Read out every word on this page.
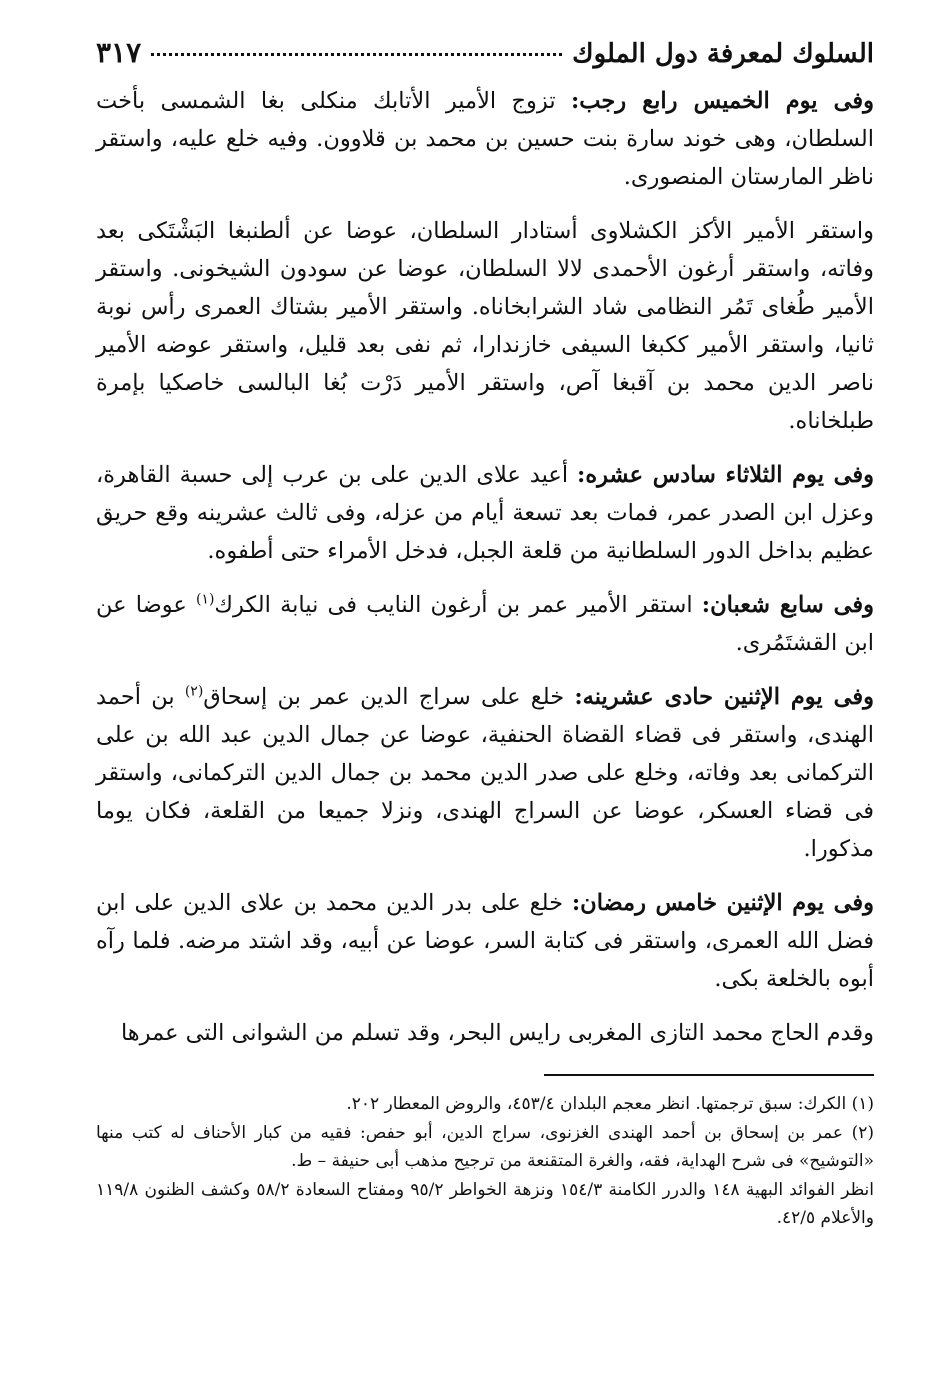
السلوك لمعرفة دول الملوك
٣١٧

وفى يوم الخميس رابع رجب: تزوج الأمير الأتابك منكلى بغا الشمسى بأخت السلطان، وهى خوند سارة بنت حسين بن محمد بن قلاوون. وفيه خلع عليه، واستقر ناظر المارستان المنصورى.

واستقر الأمير الأكز الكشلاوى أستادار السلطان، عوضا عن ألطنبغا البَشْتَكى بعد وفاته، واستقر أرغون الأحمدى لالا السلطان، عوضا عن سودون الشيخونى. واستقر الأمير طُغاى تَمُر النظامى شاد الشرابخاناه. واستقر الأمير بشتاك العمرى رأس نوبة ثانيا، واستقر الأمير ككبغا السيفى خازندارا، ثم نفى بعد قليل، واستقر عوضه الأمير ناصر الدين محمد بن آقبغا آص، واستقر الأمير دَرْت بُغا البالسى خاصكيا بإمرة طبلخاناه.

وفى يوم الثلاثاء سادس عشره: أعيد علاى الدين على بن عرب إلى حسبة القاهرة، وعزل ابن الصدر عمر، فمات بعد تسعة أيام من عزله، وفى ثالث عشرينه وقع حريق عظيم بداخل الدور السلطانية من قلعة الجبل، فدخل الأمراء حتى أطفوه.

وفى سابع شعبان: استقر الأمير عمر بن أرغون النايب فى نيابة الكرك$^{(١)}$ عوضا عن ابن القشتَمُرى.

وفى يوم الإثنين حادى عشرينه: خلع على سراج الدين عمر بن إسحاق$^{(٢)}$ بن أحمد الهندى، واستقر فى قضاء القضاة الحنفية، عوضا عن جمال الدين عبد الله بن على التركمانى بعد وفاته، وخلع على صدر الدين محمد بن جمال الدين التركمانى، واستقر فى قضاء العسكر، عوضا عن السراج الهندى، ونزلا جميعا من القلعة، فكان يوما مذكورا.

وفى يوم الإثنين خامس رمضان: خلع على بدر الدين محمد بن علاى الدين على ابن فضل الله العمرى، واستقر فى كتابة السر، عوضا عن أبيه، وقد اشتد مرضه. فلما رآه أبوه بالخلعة بكى.

وقدم الحاج محمد التازى المغربى رايس البحر، وقد تسلم من الشوانى التى عمرها

(١) الكرك: سبق ترجمتها. انظر معجم البلدان ٤٥٣/٤، والروض المعطار ٢٠٢.

(٢) عمر بن إسحاق بن أحمد الهندى الغزنوى، سراج الدين، أبو حفص: فقيه من كبار الأحناف له كتب منها «التوشيح» فى شرح الهداية، فقه، والغرة المتقنعة من ترجيح مذهب أبى حنيفة – ط.

انظر الفوائد البهية ١٤٨ والدرر الكامنة ١٥٤/٣ ونزهة الخواطر ٩٥/٢ ومفتاح السعادة ٥٨/٢ وكشف الظنون ١١٩/٨ والأعلام ٤٢/٥.
